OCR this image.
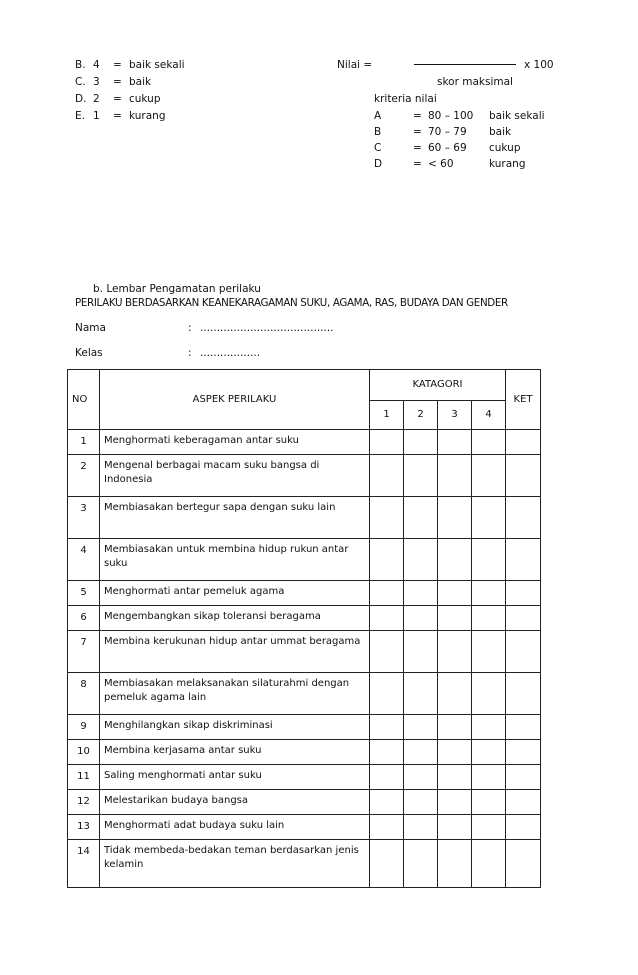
B. 4 = baik sekali
C. 3 = baik
D. 2 = cukup
E. 1 = kurang
Nilai =	x 100
skor maksimal
kriteria nilai
A	= 80 – 100 baik sekali
B	= 70 – 79 baik
C	= 60 – 69 cukup
D	= < 60	kurang
b. Lembar Pengamatan perilaku
PERILAKU BERDASARKAN KEANEKARAGAMAN SUKU, AGAMA, RAS, BUDAYA DAN GENDER
Nama	: ........................................
Kelas	: ..................
NO	ASPEK PERILAKU	KATAGORI				KET
		1	2	3	4	
1	Menghormati keberagaman antar suku					
2	Mengenal berbagai macam suku bangsa di Indonesia					
3	Membiasakan bertegur sapa dengan suku lain					
4	Membiasakan untuk membina hidup rukun antar suku					
5	Menghormati antar pemeluk agama					
6	Mengembangkan sikap toleransi beragama					
7	Membina kerukunan hidup antar ummat beragama					
8	Membiasakan melaksanakan silaturahmi dengan pemeluk agama lain					
9	Menghilangkan sikap diskriminasi					
10	Membina kerjasama antar suku					
11	Saling menghormati antar suku					
12	Melestarikan budaya bangsa					
13	Menghormati adat budaya suku lain					
14	Tidak membeda-bedakan teman berdasarkan jenis kelamin					
